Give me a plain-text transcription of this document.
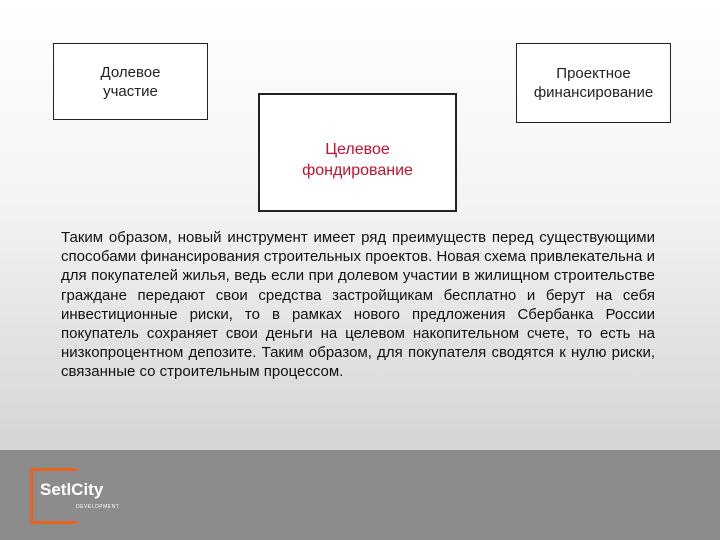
Долевое
участие
Проектное
финансирование
Целевое
фондирование

Таким образом, новый инструмент имеет ряд преимуществ перед существующими способами финансирования строительных проектов. Новая схема привлекательна и для покупателей жилья, ведь если при долевом участии в жилищном строительстве граждане передают свои средства застройщикам бесплатно и берут на себя инвестиционные риски, то в рамках нового предложения Сбербанка России покупатель сохраняет свои деньги на целевом накопительном счете, то есть на низкопроцентном депозите. Таким образом, для покупателя сводятся к нулю риски, связанные со строительным процессом.

SetlCity
DEVELOPMENT
